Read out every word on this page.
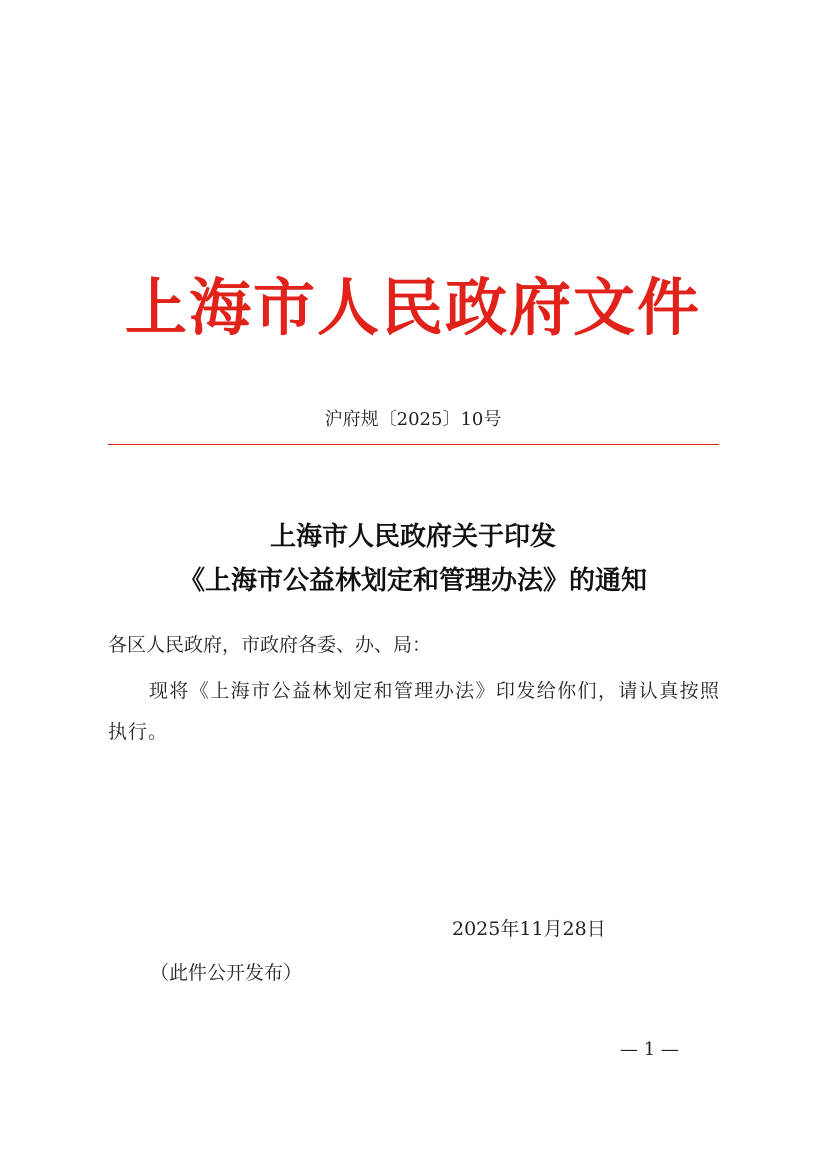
上海市人民政府文件
沪府规〔2025〕10号
上海市人民政府关于印发
《上海市公益林划定和管理办法》的通知
各区人民政府，市政府各委、办、局：
现将《上海市公益林划定和管理办法》印发给你们，请认真按照执行。
2025年11月28日
（此件公开发布）
— 1 —
